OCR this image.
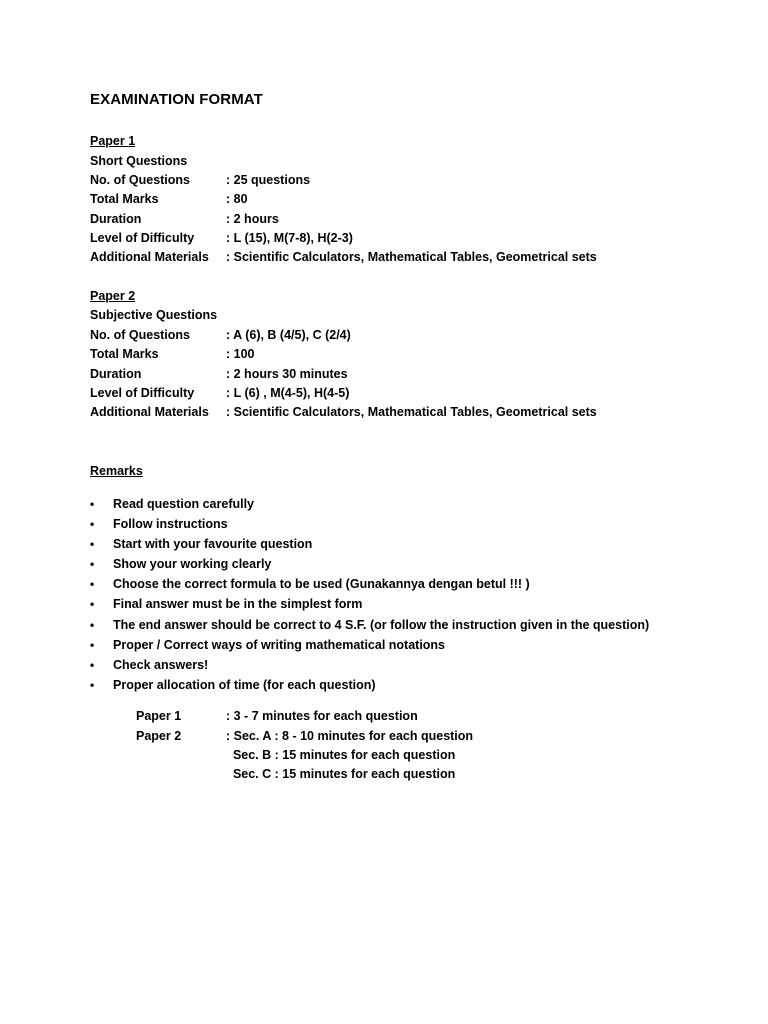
EXAMINATION FORMAT
Paper 1
Short Questions
No. of Questions	: 25 questions
Total Marks	: 80
Duration	: 2 hours
Level of Difficulty	: L (15), M(7-8), H(2-3)
Additional Materials : Scientific Calculators, Mathematical Tables, Geometrical sets
Paper 2
Subjective Questions
No. of Questions	: A (6), B (4/5), C (2/4)
Total Marks	: 100
Duration	: 2 hours 30 minutes
Level of Difficulty	: L (6) , M(4-5), H(4-5)
Additional Materials : Scientific Calculators, Mathematical Tables, Geometrical sets
Remarks
• Read question carefully
• Follow instructions
• Start with your favourite question
• Show your working clearly
• Choose the correct formula to be used (Gunakannya dengan betul !!! )
• Final answer must be in the simplest form
• The end answer should be correct to 4 S.F. (or follow the instruction given in the question)
• Proper / Correct ways of writing mathematical notations
• Check answers!
• Proper allocation of time (for each question)
Paper 1	: 3 - 7 minutes for each question
Paper 2	: Sec. A : 8 - 10 minutes for each question
Sec. B : 15 minutes for each question
Sec. C : 15 minutes for each question
